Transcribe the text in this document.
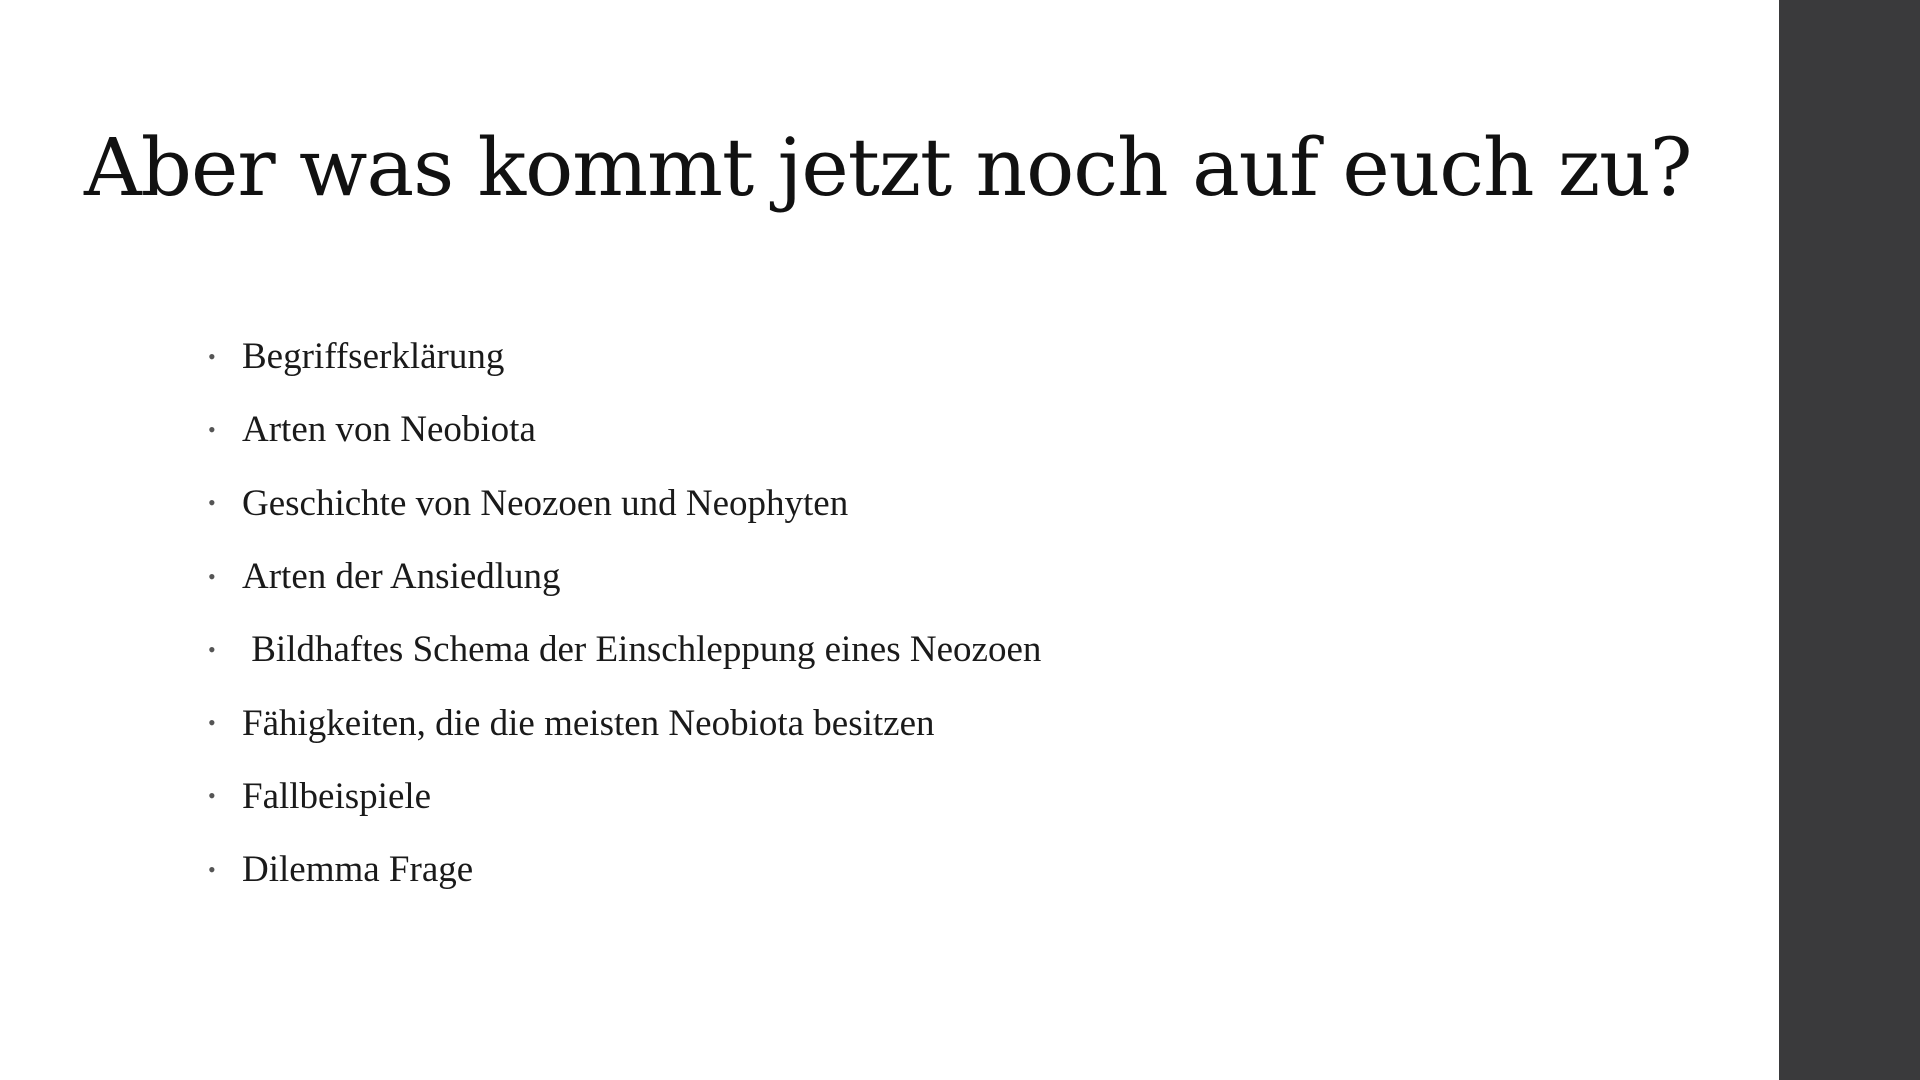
Aber was kommt jetzt noch auf euch zu?
• Begriffserklärung
• Arten von Neobiota
• Geschichte von Neozoen und Neophyten
• Arten der Ansiedlung
• Bildhaftes Schema der Einschleppung eines Neozoen
• Fähigkeiten, die die meisten Neobiota besitzen
• Fallbeispiele
• Dilemma Frage
